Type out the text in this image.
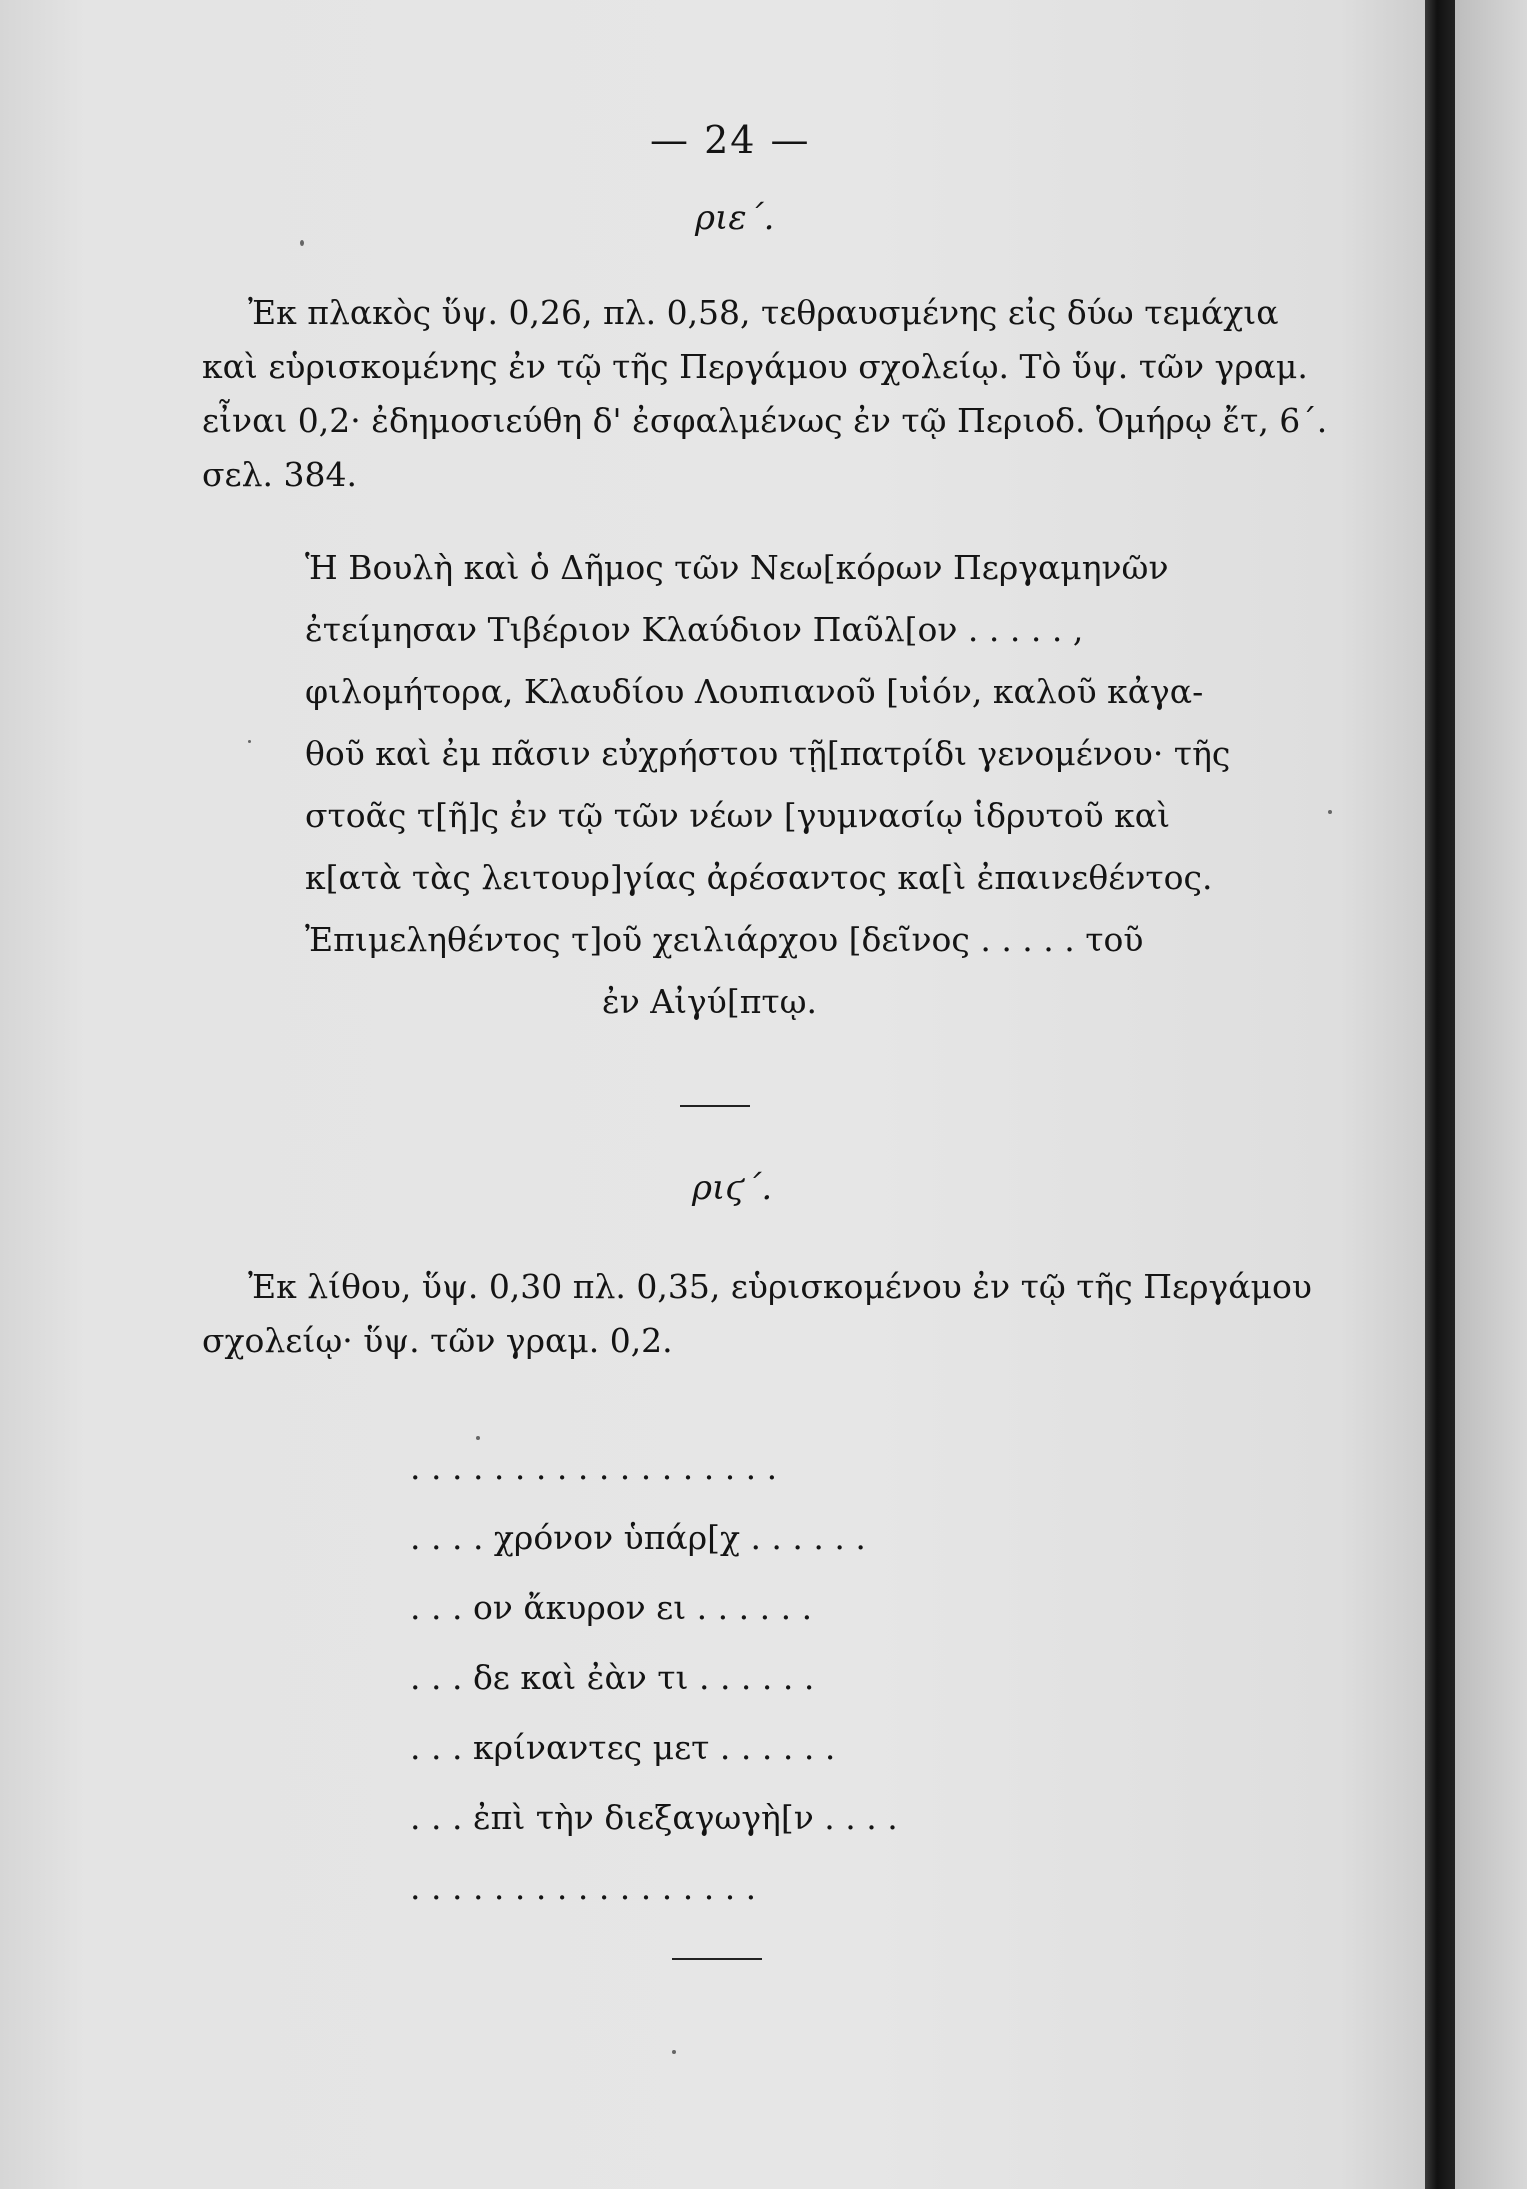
— 24 —
ριε΄.
Ἐκ πλακὸς ὕψ. 0,26, πλ. 0,58, τεθραυσμένης εἰς δύω τεμάχια
καὶ εὑρισκομένης ἐν τῷ τῆς Περγάμου σχολείῳ. Τὸ ὕψ. τῶν γραμ.
εἶναι 0,2· ἐδημοσιεύθη δ' ἐσφαλμένως ἐν τῷ Περιοδ. Ὁμήρῳ ἔτ, 6΄.
σελ. 384.
Ἡ Βουλὴ καὶ ὁ Δῆμος τῶν Νεω[κόρων Περγαμηνῶν
ἐτείμησαν Τιβέριον Κλαύδιον Παῦλ[ον . . . . . ,
φιλομήτορα, Κλαυδίου Λουπιανοῦ [υἱόν, καλοῦ κἀγα-
θοῦ καὶ ἐμ πᾶσιν εὐχρήστου τῇ[πατρίδι γενομένου· τῆς
στοᾶς τ[ῆ]ς ἐν τῷ τῶν νέων [γυμνασίῳ ἱδρυτοῦ καὶ
κ[ατὰ τὰς λειτουρ]γίας ἀρέσαντος κα[ὶ ἐπαινεθέντος.
Ἐπιμεληθέντος τ]οῦ χειλιάρχου [δεῖνος . . . . . τοῦ
ἐν Αἰγύ[πτῳ.
ριϛ΄.
Ἐκ λίθου, ὕψ. 0,30 πλ. 0,35, εὑρισκομένου ἐν τῷ τῆς Περγάμου
σχολείῳ· ὕψ. τῶν γραμ. 0,2.
. . . . . . . . . . . . . . . . . .
. . . . χρόνον ὑπάρ[χ . . . . . .
. . . ον ἄκυρον ει . . . . . .
. . . δε καὶ ἐὰν τι . . . . . .
. . . κρίναντες μετ . . . . . .
. . . ἐπὶ τὴν διεξαγωγὴ[ν . . . .
. . . . . . . . . . . . . . . . .
